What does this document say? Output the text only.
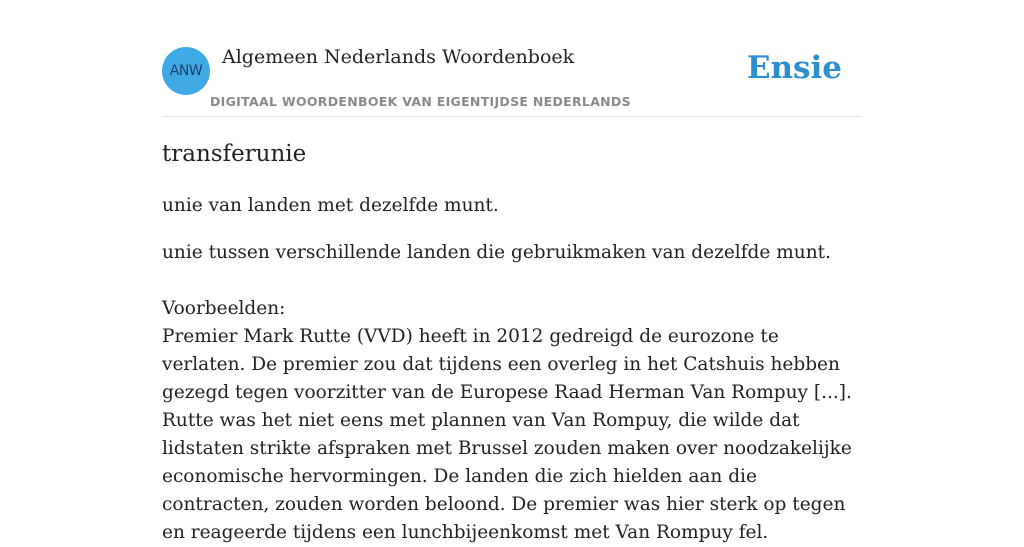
ANW
Algemeen Nederlands Woordenboek
DIGITAAL WOORDENBOEK VAN EIGENTIJDSE NEDERLANDS
Ensie
transferunie

unie van landen met dezelfde munt.

unie tussen verschillende landen die gebruikmaken van dezelfde munt.

Voorbeelden:

Premier Mark Rutte (VVD) heeft in 2012 gedreigd de eurozone te verlaten. De premier zou dat tijdens een overleg in het Catshuis hebben gezegd tegen voorzitter van de Europese Raad Herman Van Rompuy [...]. Rutte was het niet eens met plannen van Van Rompuy, die wilde dat lidstaten strikte afspraken met Brussel zouden maken over noodzakelijke economische hervormingen. De landen die zich hielden aan die contracten, zouden worden beloond. De premier was hier sterk op tegen en reageerde tijdens een lunchbijeenkomst met Van Rompuy fel.
